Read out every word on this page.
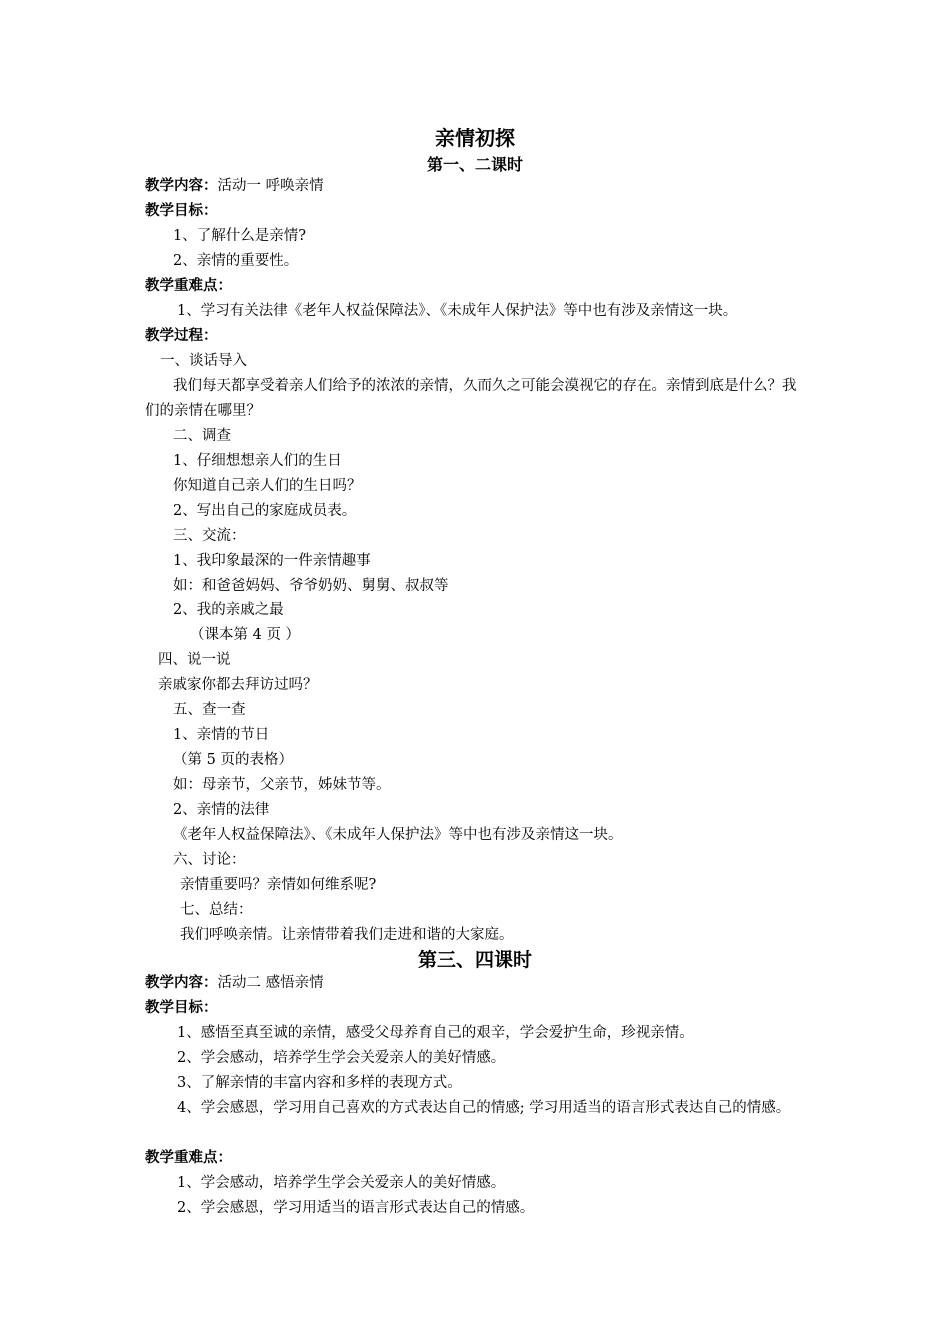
亲情初探
第一、二课时
教学内容：活动一 呼唤亲情
教学目标：
1、了解什么是亲情?
2、亲情的重要性。
教学重难点：
1、学习有关法律《老年人权益保障法》、《未成年人保护法》等中也有涉及亲情这一块。
教学过程：
一、谈话导入
我们每天都享受着亲人们给予的浓浓的亲情，久而久之可能会漠视它的存在。亲情到底是什么？我们的亲情在哪里？
二、调查
1、仔细想想亲人们的生日
你知道自己亲人们的生日吗？
2、写出自己的家庭成员表。
三、交流：
1、我印象最深的一件亲情趣事
如：和爸爸妈妈、爷爷奶奶、舅舅、叔叔等
2、我的亲戚之最
（课本第 4 页 ）
四、说一说
亲戚家你都去拜访过吗？
五、查一查
1、亲情的节日
（第 5 页的表格）
如：母亲节，父亲节，姊妹节等。
2、亲情的法律
《老年人权益保障法》、《未成年人保护法》等中也有涉及亲情这一块。
六、讨论：
亲情重要吗？亲情如何维系呢?
七、总结：
我们呼唤亲情。让亲情带着我们走进和谐的大家庭。
第三、四课时
教学内容：活动二 感悟亲情
教学目标：
1、感悟至真至诚的亲情，感受父母养育自己的艰辛，学会爱护生命，珍视亲情。
2、学会感动，培养学生学会关爱亲人的美好情感。
3、了解亲情的丰富内容和多样的表现方式。
4、学会感恩，学习用自己喜欢的方式表达自己的情感; 学习用适当的语言形式表达自己的情感。
教学重难点：
1、学会感动，培养学生学会关爱亲人的美好情感。
2、学会感恩，学习用适当的语言形式表达自己的情感。
